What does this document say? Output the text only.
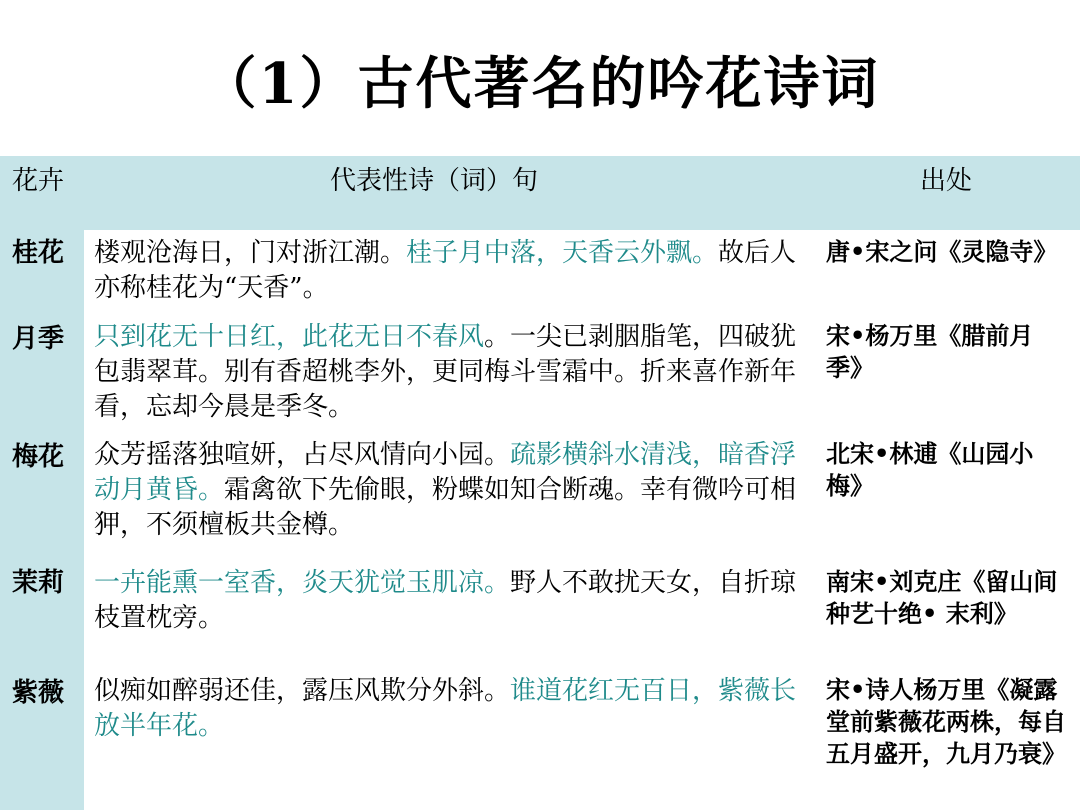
（1）古代著名的吟花诗词
花卉	代表性诗（词）句	出处
桂花 楼观沧海日，门对浙江潮。桂子月中落，天香云外飘。故后人亦称桂花为“天香”。
唐•宋之问《灵隐寺》
月季 只到花无十日红，此花无日不春风。一尖已剥胭脂笔，四破犹包翡翠茸。别有香超桃李外，更同梅斗雪霜中。折来喜作新年看，忘却今晨是季冬。
宋•杨万里《腊前月季》
梅花 众芳摇落独喧妍，占尽风情向小园。疏影横斜水清浅，暗香浮动月黄昏。霜禽欲下先偷眼，粉蝶如知合断魂。幸有微吟可相狎，不须檀板共金樽。
北宋•林逋《山园小梅》
茉莉 一卉能熏一室香，炎天犹觉玉肌凉。野人不敢扰天女，自折琼枝置枕旁。
南宋•刘克庄《留山间种艺十绝• 末利》
紫薇 似痴如醉弱还佳，露压风欺分外斜。谁道花红无百日，紫薇长放半年花。
宋•诗人杨万里《凝露堂前紫薇花两株，每自五月盛开，九月乃衰》
